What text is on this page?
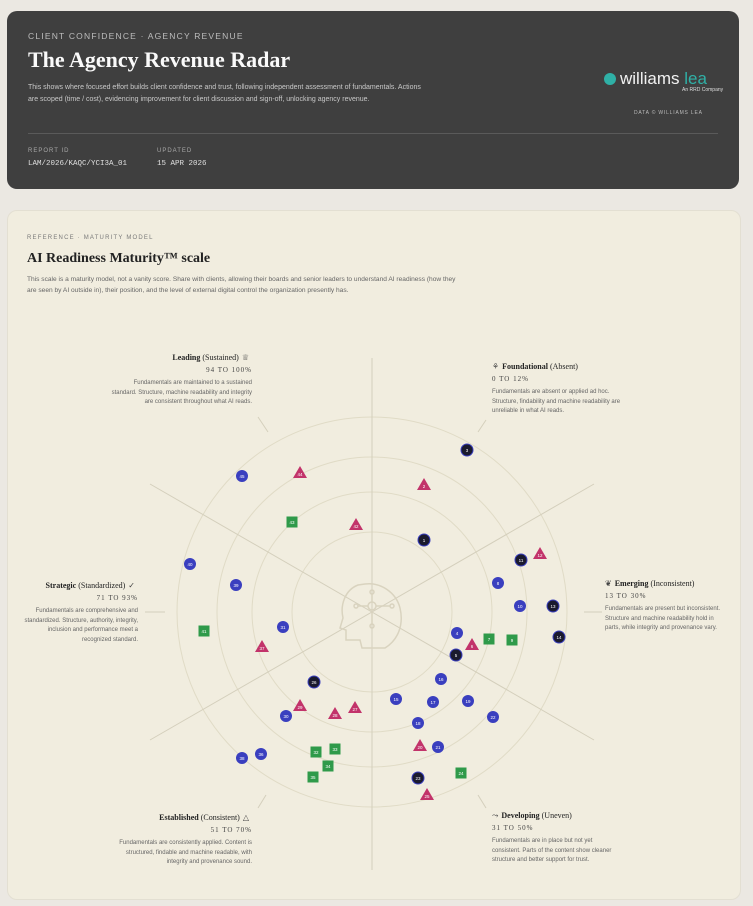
CLIENT CONFIDENCE · AGENCY REVENUE
The Agency Revenue Radar
This shows where focused effort builds client confidence and trust, following independent assessment of fundamentals. Actions are scoped (time / cost), evidencing improvement for client discussion and sign-off, unlocking agency revenue.
williams lea
An RRD Company
DATA © WILLIAMS LEA
REPORT ID
LAM/2026/KAQC/YCI3A_01
UPDATED
15 APR 2026
REFERENCE · MATURITY MODEL
AI Readiness Maturity™ scale
This scale is a maturity model, not a vanity score. Share with clients, allowing their boards and senior leaders to understand AI readiness (how they are seen by AI outside in), their position, and the level of external digital control the organization presently has.
3
2
1
11
12
8
10	13
14
4
7	9
6
5
16
15
17	19
22
18
20	21
24
23
25
26
29	27
28
30
31
32
33
34
35
36
37
38
39
40
41
42
43
44
45
Leading (Sustained) ♕
94 TO 100%
Fundamentals are maintained to a sustained standard. Structure, machine readability and integrity are consistent throughout what AI reads.
⚘ Foundational (Absent)
0 TO 12%
Fundamentals are absent or applied ad hoc. Structure, findability and machine readability are unreliable in what AI reads.
Strategic (Standardized) ✓
71 TO 93%
Fundamentals are comprehensive and standardized. Structure, authority, integrity, inclusion and performance meet a recognized standard.
❦ Emerging (Inconsistent)
13 TO 30%
Fundamentals are present but inconsistent. Structure and machine readability hold in parts, while integrity and provenance vary.
Established (Consistent) △
51 TO 70%
Fundamentals are consistently applied. Content is structured, findable and machine readable, with integrity and provenance sound.
⤳ Developing (Uneven)
31 TO 50%
Fundamentals are in place but not yet consistent. Parts of the content show cleaner structure and better support for trust.
